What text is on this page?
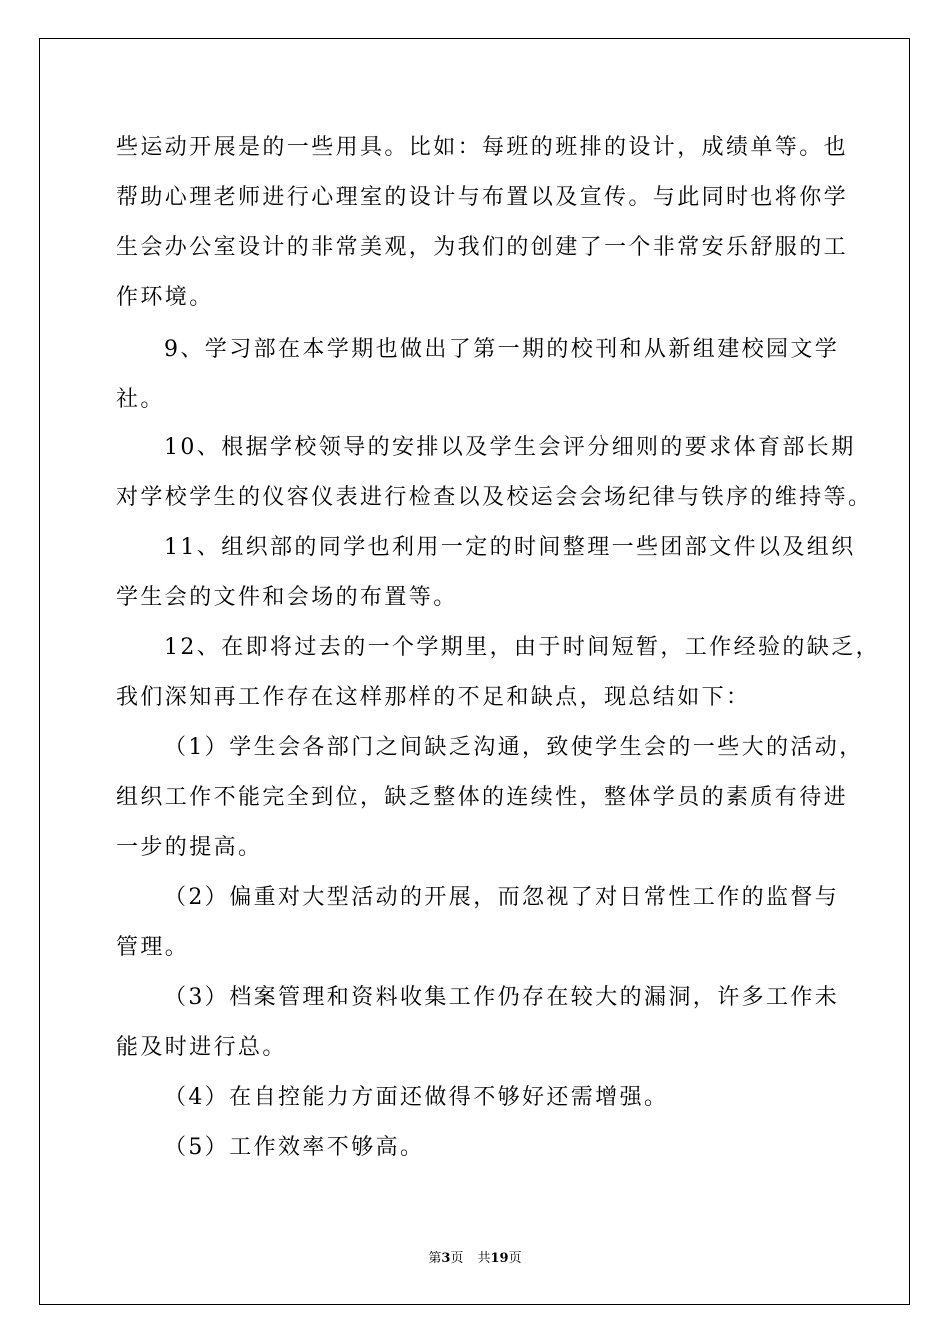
些运动开展是的一些用具。比如：每班的班排的设计，成绩单等。也
帮助心理老师进行心理室的设计与布置以及宣传。与此同时也将你学
生会办公室设计的非常美观，为我们的创建了一个非常安乐舒服的工
作环境。
9、学习部在本学期也做出了第一期的校刊和从新组建校园文学
社。
10、根据学校领导的安排以及学生会评分细则的要求体育部长期
对学校学生的仪容仪表进行检查以及校运会会场纪律与铁序的维持等。
11、组织部的同学也利用一定的时间整理一些团部文件以及组织
学生会的文件和会场的布置等。
12、在即将过去的一个学期里，由于时间短暂，工作经验的缺乏，
我们深知再工作存在这样那样的不足和缺点，现总结如下：
（1）学生会各部门之间缺乏沟通，致使学生会的一些大的活动，
组织工作不能完全到位，缺乏整体的连续性，整体学员的素质有待进
一步的提高。
（2）偏重对大型活动的开展，而忽视了对日常性工作的监督与
管理。
（3）档案管理和资料收集工作仍存在较大的漏洞，许多工作未
能及时进行总。
（4）在自控能力方面还做得不够好还需增强。
（5）工作效率不够高。
第3页 共19页
